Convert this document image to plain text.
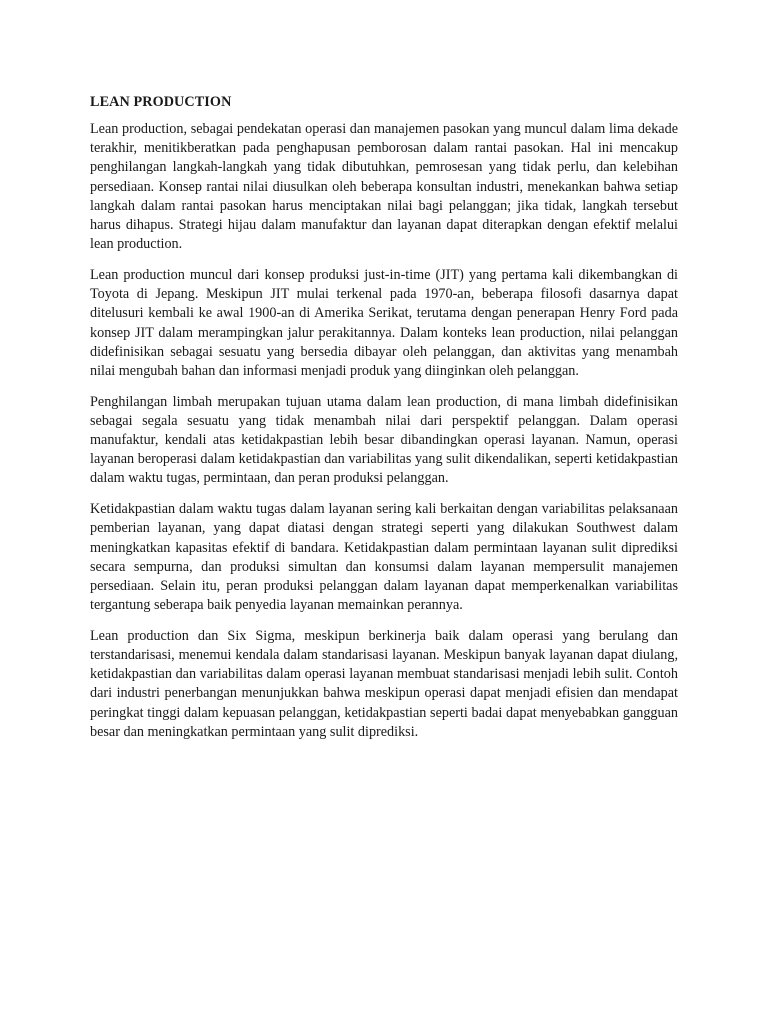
LEAN PRODUCTION

Lean production, sebagai pendekatan operasi dan manajemen pasokan yang muncul dalam lima dekade terakhir, menitikberatkan pada penghapusan pemborosan dalam rantai pasokan. Hal ini mencakup penghilangan langkah-langkah yang tidak dibutuhkan, pemrosesan yang tidak perlu, dan kelebihan persediaan. Konsep rantai nilai diusulkan oleh beberapa konsultan industri, menekankan bahwa setiap langkah dalam rantai pasokan harus menciptakan nilai bagi pelanggan; jika tidak, langkah tersebut harus dihapus. Strategi hijau dalam manufaktur dan layanan dapat diterapkan dengan efektif melalui lean production.

Lean production muncul dari konsep produksi just-in-time (JIT) yang pertama kali dikembangkan di Toyota di Jepang. Meskipun JIT mulai terkenal pada 1970-an, beberapa filosofi dasarnya dapat ditelusuri kembali ke awal 1900-an di Amerika Serikat, terutama dengan penerapan Henry Ford pada konsep JIT dalam merampingkan jalur perakitannya. Dalam konteks lean production, nilai pelanggan didefinisikan sebagai sesuatu yang bersedia dibayar oleh pelanggan, dan aktivitas yang menambah nilai mengubah bahan dan informasi menjadi produk yang diinginkan oleh pelanggan.

Penghilangan limbah merupakan tujuan utama dalam lean production, di mana limbah didefinisikan sebagai segala sesuatu yang tidak menambah nilai dari perspektif pelanggan. Dalam operasi manufaktur, kendali atas ketidakpastian lebih besar dibandingkan operasi layanan. Namun, operasi layanan beroperasi dalam ketidakpastian dan variabilitas yang sulit dikendalikan, seperti ketidakpastian dalam waktu tugas, permintaan, dan peran produksi pelanggan.

Ketidakpastian dalam waktu tugas dalam layanan sering kali berkaitan dengan variabilitas pelaksanaan pemberian layanan, yang dapat diatasi dengan strategi seperti yang dilakukan Southwest dalam meningkatkan kapasitas efektif di bandara. Ketidakpastian dalam permintaan layanan sulit diprediksi secara sempurna, dan produksi simultan dan konsumsi dalam layanan mempersulit manajemen persediaan. Selain itu, peran produksi pelanggan dalam layanan dapat memperkenalkan variabilitas tergantung seberapa baik penyedia layanan memainkan perannya.

Lean production dan Six Sigma, meskipun berkinerja baik dalam operasi yang berulang dan terstandarisasi, menemui kendala dalam standarisasi layanan. Meskipun banyak layanan dapat diulang, ketidakpastian dan variabilitas dalam operasi layanan membuat standarisasi menjadi lebih sulit. Contoh dari industri penerbangan menunjukkan bahwa meskipun operasi dapat menjadi efisien dan mendapat peringkat tinggi dalam kepuasan pelanggan, ketidakpastian seperti badai dapat menyebabkan gangguan besar dan meningkatkan permintaan yang sulit diprediksi.
